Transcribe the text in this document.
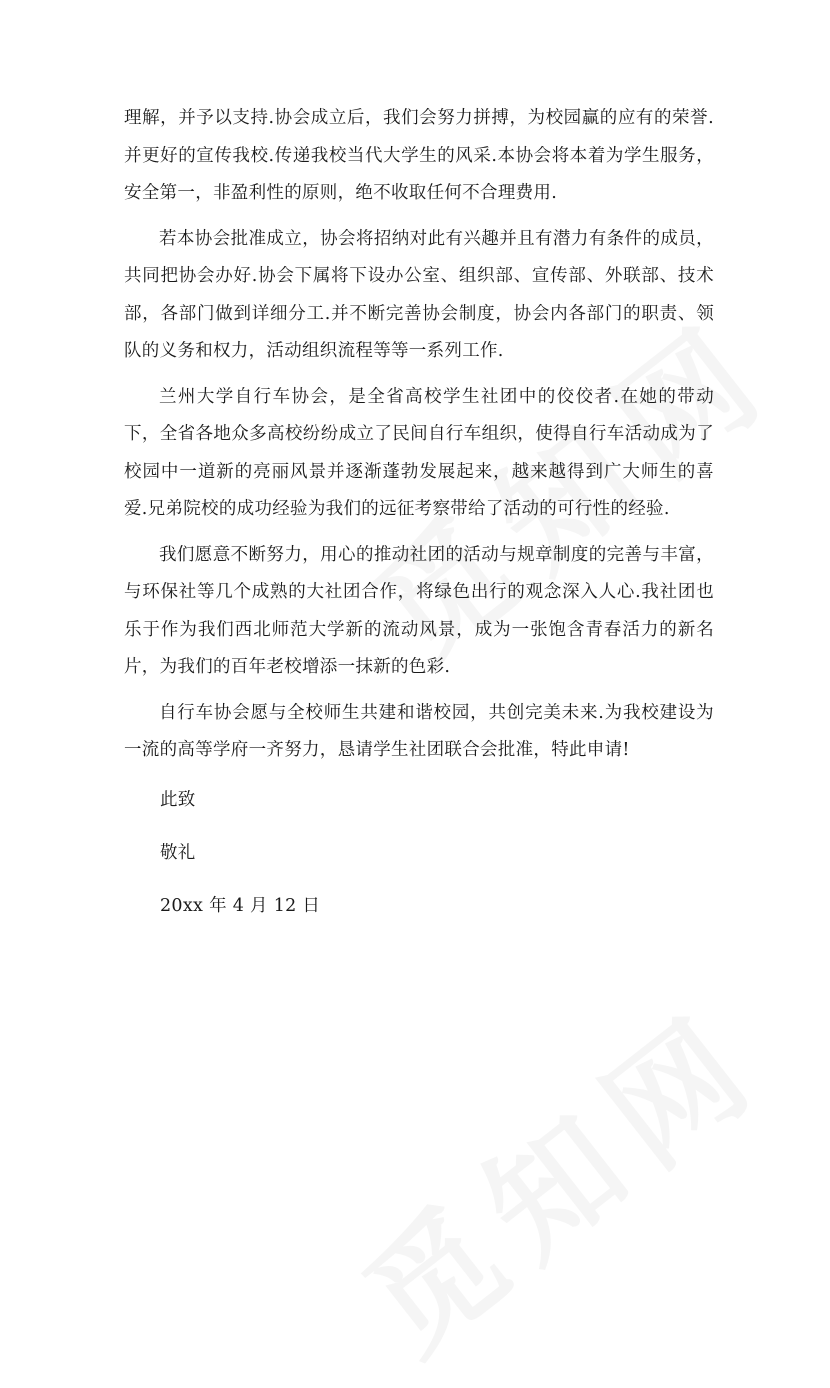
理解，并予以支持.协会成立后，我们会努力拼搏，为校园赢的应有的荣誉.并更好的宣传我校.传递我校当代大学生的风采.本协会将本着为学生服务，安全第一，非盈利性的原则，绝不收取任何不合理费用.

若本协会批准成立，协会将招纳对此有兴趣并且有潜力有条件的成员，共同把协会办好.协会下属将下设办公室、组织部、宣传部、外联部、技术部，各部门做到详细分工.并不断完善协会制度，协会内各部门的职责、领队的义务和权力，活动组织流程等等一系列工作.

兰州大学自行车协会，是全省高校学生社团中的佼佼者.在她的带动下，全省各地众多高校纷纷成立了民间自行车组织，使得自行车活动成为了校园中一道新的亮丽风景并逐渐蓬勃发展起来，越来越得到广大师生的喜爱.兄弟院校的成功经验为我们的远征考察带给了活动的可行性的经验.

我们愿意不断努力，用心的推动社团的活动与规章制度的完善与丰富，与环保社等几个成熟的大社团合作，将绿色出行的观念深入人心.我社团也乐于作为我们西北师范大学新的流动风景，成为一张饱含青春活力的新名片，为我们的百年老校增添一抹新的色彩.

自行车协会愿与全校师生共建和谐校园，共创完美未来.为我校建设为一流的高等学府一齐努力，恳请学生社团联合会批准，特此申请!

此致

敬礼

20xx 年 4 月 12 日
